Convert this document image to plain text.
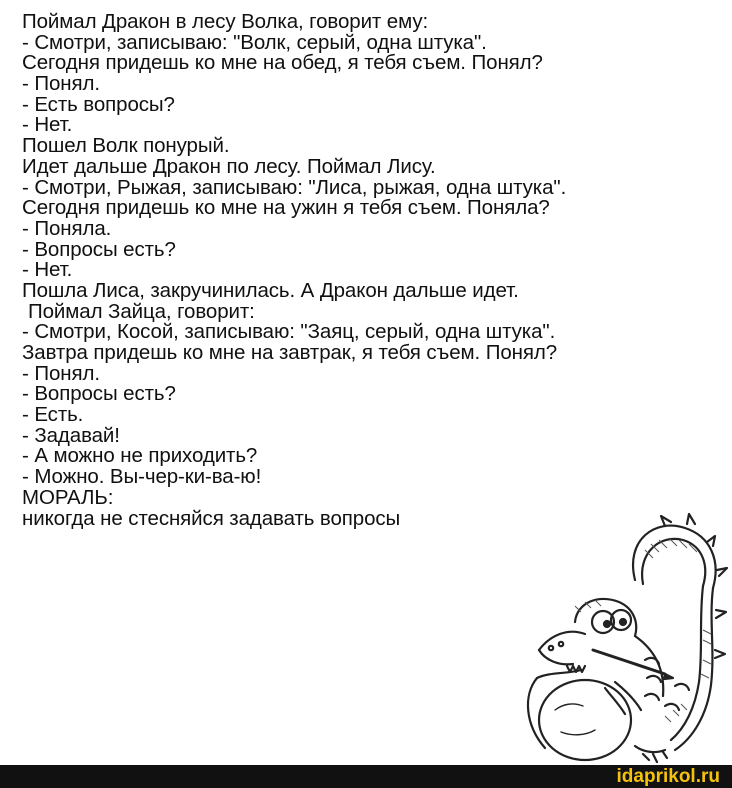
Поймал Дракон в лесу Волка, говорит ему:
- Смотри, записываю: "Волк, серый, одна штука".
Сегодня придешь ко мне на обед, я тебя съем. Понял?
- Понял.
- Есть вопросы?
- Нет.
Пошел Волк понурый.
Идет дальше Дракон по лесу. Поймал Лису.
- Смотри, Рыжая, записываю: "Лиса, рыжая, одна штука".
Сегодня придешь ко мне на ужин я тебя съем. Поняла?
- Поняла.
- Вопросы есть?
- Нет.
Пошла Лиса, закручинилась. А Дракон дальше идет.
Поймал Зайца, говорит:
- Смотри, Косой, записываю: "Заяц, серый, одна штука".
Завтра придешь ко мне на завтрак, я тебя съем. Понял?
- Понял.
- Вопросы есть?
- Есть.
- Задавай!
- А можно не приходить?
- Можно. Вы-чер-ки-ва-ю!
МОРАЛЬ:
никогда не стесняйся задавать вопросы
idaprikol.ru
